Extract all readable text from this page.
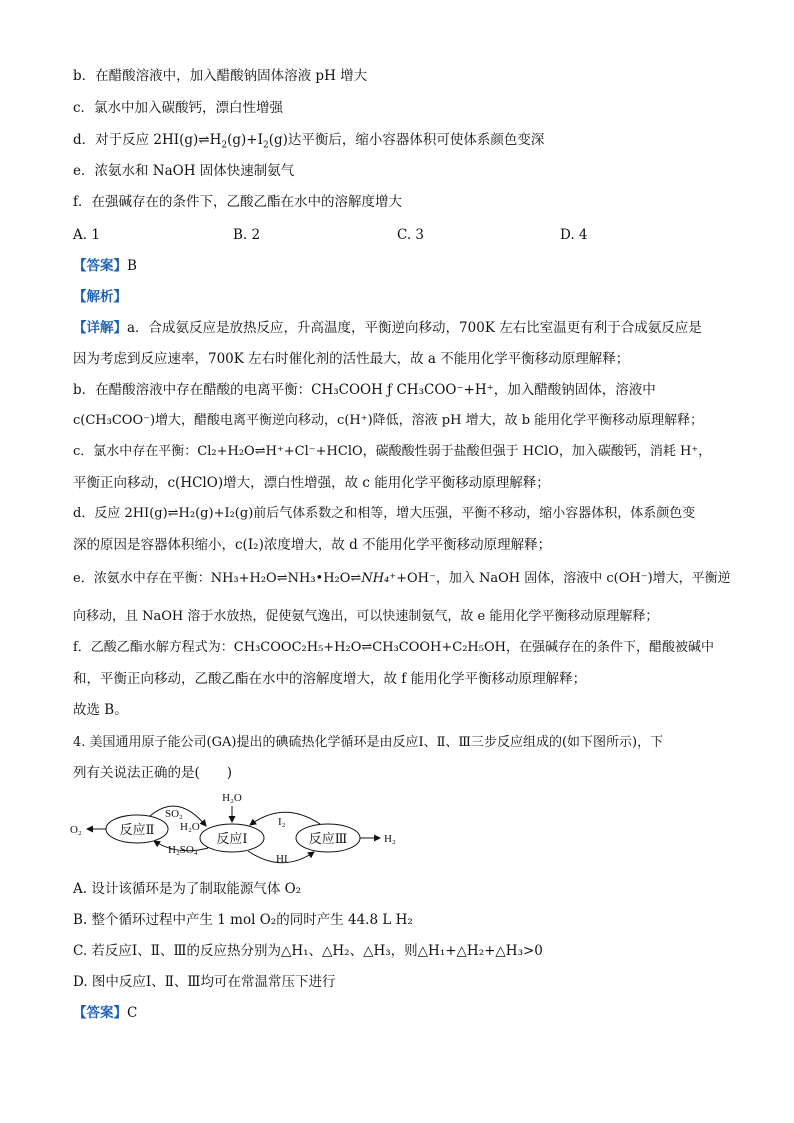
b．在醋酸溶液中，加入醋酸钠固体溶液 pH 增大
c．氯水中加入碳酸钙，漂白性增强
d．对于反应 $2HI(g)\rightleftharpoons H_2(g)+I_2(g)$达平衡后，缩小容器体积可使体系颜色变深
e．浓氨水和 NaOH 固体快速制氨气
f．在强碱存在的条件下，乙酸乙酯在水中的溶解度增大
A. 1	B. 2	C. 3	D. 4
【答案】B
【解析】
【详解】a．合成氨反应是放热反应，升高温度，平衡逆向移动，700K 左右比室温更有利于合成氨反应是
因为考虑到反应速率，700K 左右时催化剂的活性最大，故 a 不能用化学平衡移动原理解释；
b．在醋酸溶液中存在醋酸的电离平衡：CH₃COOH ƒ CH₃COO⁻+H⁺，加入醋酸钠固体，溶液中
c(CH₃COO⁻)增大，醋酸电离平衡逆向移动，c(H⁺)降低，溶液 pH 增大，故 b 能用化学平衡移动原理解释；
c．氯水中存在平衡：Cl₂+H₂O⇌H⁺+Cl⁻+HClO，碳酸酸性弱于盐酸但强于 HClO，加入碳酸钙，消耗 H⁺，
平衡正向移动，c(HClO)增大，漂白性增强，故 c 能用化学平衡移动原理解释；
d．反应 2HI(g)⇌H₂(g)+I₂(g)前后气体系数之和相等，增大压强，平衡不移动，缩小容器体积，体系颜色变
深的原因是容器体积缩小，c(I₂)浓度增大，故 d 不能用化学平衡移动原理解释；
e．浓氨水中存在平衡：NH₃+H₂O⇌NH₃•H₂O⇌NH₄⁺+OH⁻，加入 NaOH 固体，溶液中 c(OH⁻)增大，平衡逆
向移动，且 NaOH 溶于水放热，促使氨气逸出，可以快速制氨气，故 e 能用化学平衡移动原理解释；
f．乙酸乙酯水解方程式为：CH₃COOC₂H₅+H₂O⇌CH₃COOH+C₂H₅OH，在强碱存在的条件下，醋酸被碱中
和，平衡正向移动，乙酸乙酯在水中的溶解度增大，故 f 能用化学平衡移动原理解释；
故选 B。
4. 美国通用原子能公司(GA)提出的碘硫热化学循环是由反应Ⅰ、Ⅱ、Ⅲ三步反应组成的(如下图所示)，下
列有关说法正确的是(　　)
反应Ⅱ
反应Ⅰ	反应Ⅲ
O₂
H₂
H₂O
SO₂
H₂O
H₂SO₄
I₂
HI
A. 设计该循环是为了制取能源气体 O₂
B. 整个循环过程中产生 1 mol O₂的同时产生 44.8 L H₂
C. 若反应Ⅰ、Ⅱ、Ⅲ的反应热分别为△H₁、△H₂、△H₃，则△H₁+△H₂+△H₃>0
D. 图中反应Ⅰ、Ⅱ、Ⅲ均可在常温常压下进行
【答案】C
